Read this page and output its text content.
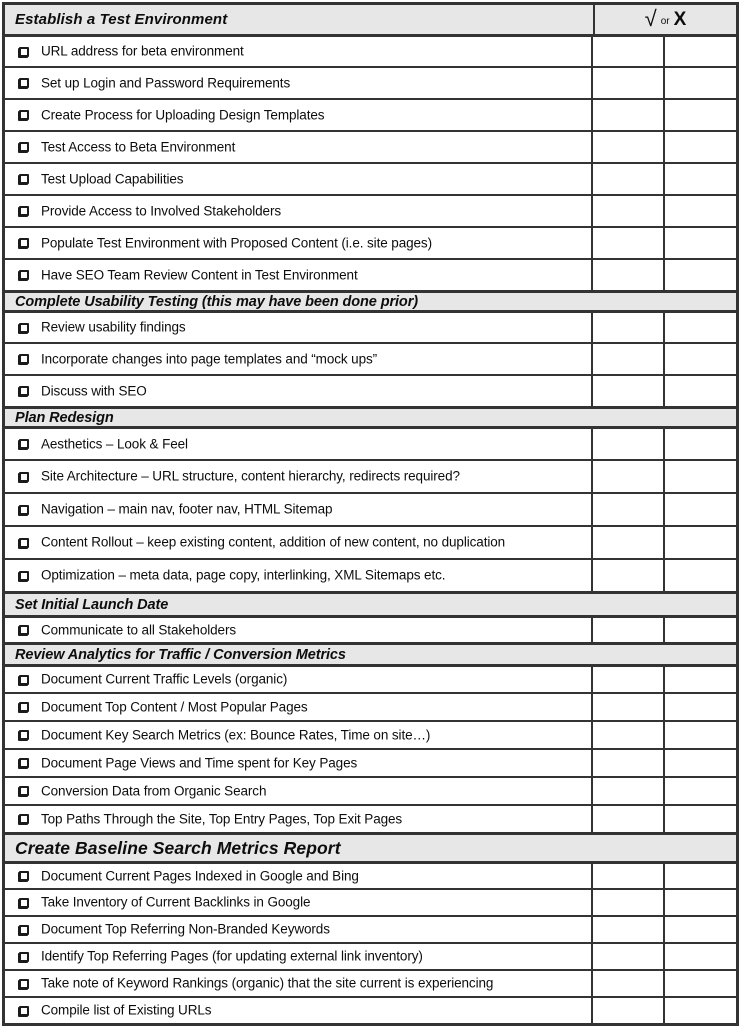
Establish a Test Environment	√ or X
URL address for beta environment
Set up Login and Password Requirements
Create Process for Uploading Design Templates
Test Access to Beta Environment
Test Upload Capabilities
Provide Access to Involved Stakeholders
Populate Test Environment with Proposed Content (i.e. site pages)
Have SEO Team Review Content in Test Environment
Complete Usability Testing (this may have been done prior)
Review usability findings
Incorporate changes into page templates and “mock ups”
Discuss with SEO
Plan Redesign
Aesthetics – Look & Feel
Site Architecture – URL structure, content hierarchy, redirects required?
Navigation – main nav, footer nav, HTML Sitemap
Content Rollout – keep existing content, addition of new content, no duplication
Optimization – meta data, page copy, interlinking, XML Sitemaps etc.
Set Initial Launch Date
Communicate to all Stakeholders
Review Analytics for Traffic / Conversion Metrics
Document Current Traffic Levels (organic)
Document Top Content / Most Popular Pages
Document Key Search Metrics (ex: Bounce Rates, Time on site…)
Document Page Views and Time spent for Key Pages
Conversion Data from Organic Search
Top Paths Through the Site, Top Entry Pages, Top Exit Pages
Create Baseline Search Metrics Report
Document Current Pages Indexed in Google and Bing
Take Inventory of Current Backlinks in Google
Document Top Referring Non-Branded Keywords
Identify Top Referring Pages (for updating external link inventory)
Take note of Keyword Rankings (organic) that the site current is experiencing
Compile list of Existing URLs
